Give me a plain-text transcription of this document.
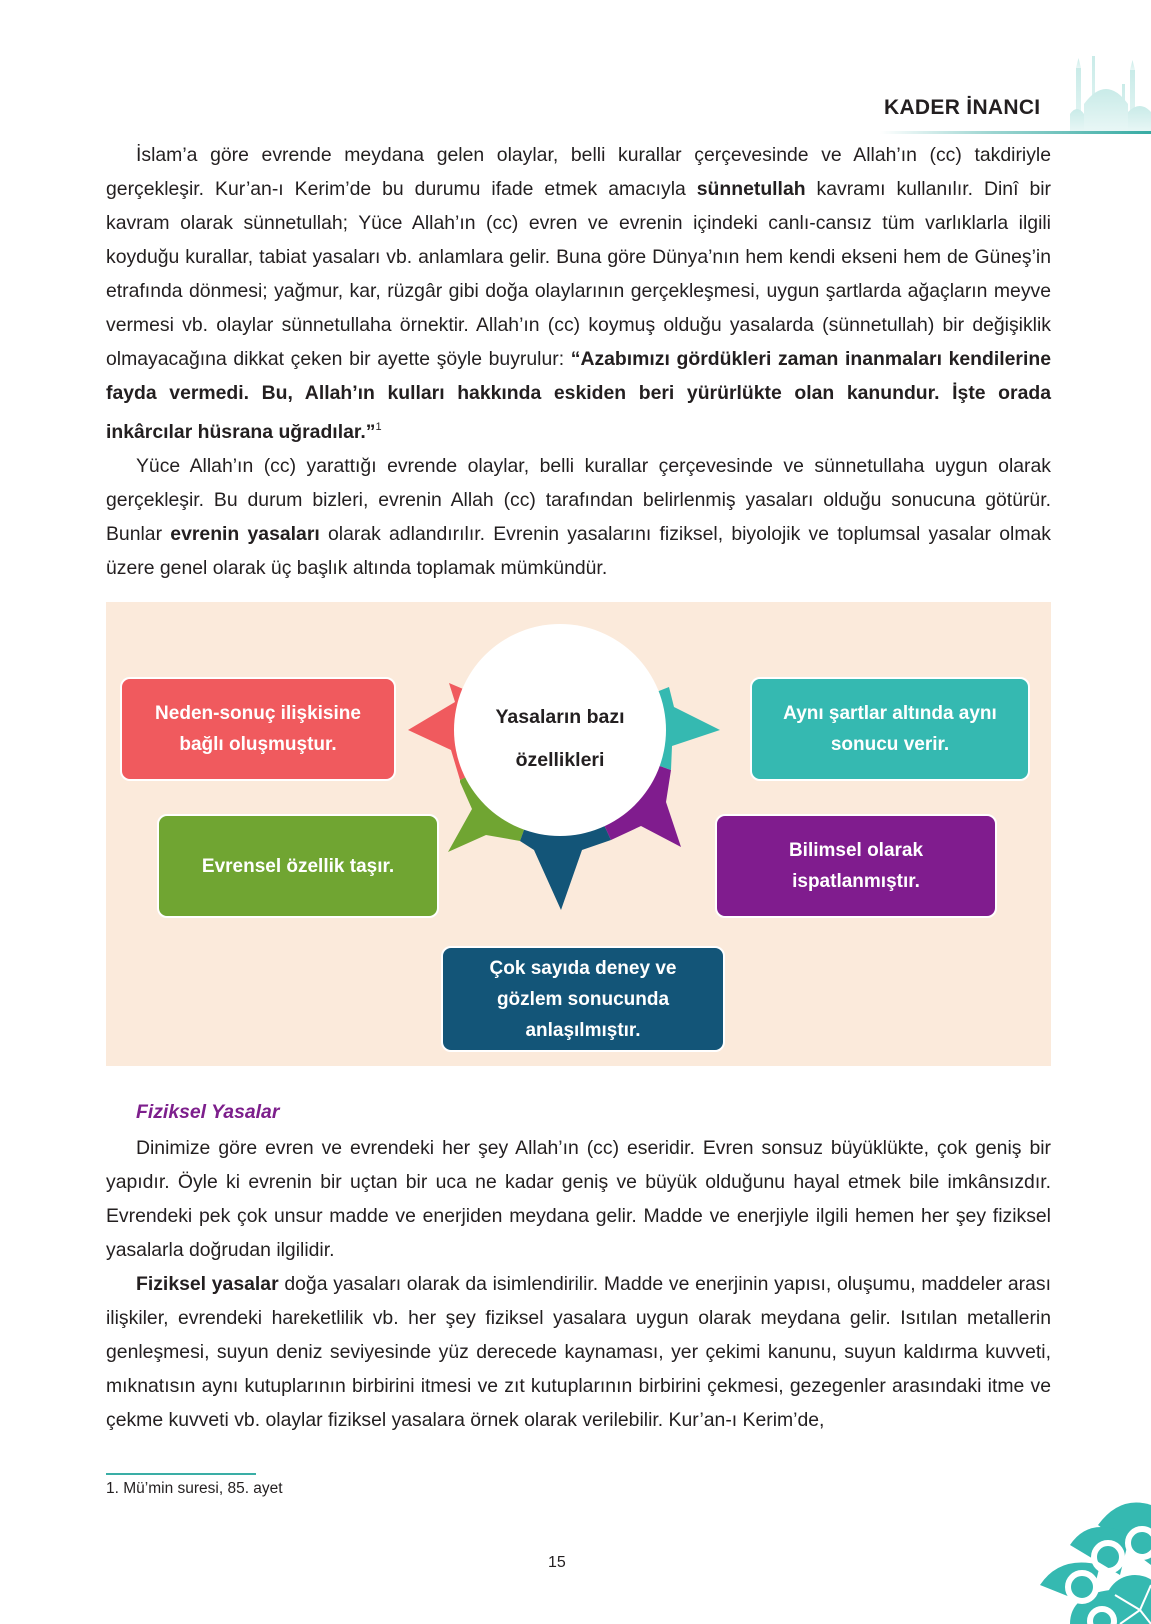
KADER İNANCI

İslam’a göre evrende meydana gelen olaylar, belli kurallar çerçevesinde ve Allah’ın (cc) takdiriyle gerçekleşir. Kur’an-ı Kerim’de bu durumu ifade etmek amacıyla sünnetullah kavramı kullanılır. Dinî bir kavram olarak sünnetullah; Yüce Allah’ın (cc) evren ve evrenin içindeki canlı-cansız tüm varlıklarla ilgili koyduğu kurallar, tabiat yasaları vb. anlamlara gelir. Buna göre Dünya’nın hem kendi ekseni hem de Güneş’in etrafında dönmesi; yağmur, kar, rüzgâr gibi doğa olaylarının gerçekleşmesi, uygun şartlarda ağaçların meyve vermesi vb. olaylar sünnetullaha örnektir. Allah’ın (cc) koymuş olduğu yasalarda (sünnetullah) bir değişiklik olmayacağına dikkat çeken bir ayette şöyle buyrulur: “Azabımızı gördükleri zaman inanmaları kendilerine fayda vermedi. Bu, Allah’ın kulları hakkında eskiden beri yürürlükte olan kanundur. İşte orada inkârcılar hüsrana uğradılar.”$^1$

Yüce Allah’ın (cc) yarattığı evrende olaylar, belli kurallar çerçevesinde ve sünnetullaha uygun olarak gerçekleşir. Bu durum bizleri, evrenin Allah (cc) tarafından belirlenmiş yasaları olduğu sonucuna götürür. Bunlar evrenin yasaları olarak adlandırılır. Evrenin yasalarını fiziksel, biyolojik ve toplumsal yasalar olmak üzere genel olarak üç başlık altında toplamak mümkündür.

Yasaların bazı
özellikleri
Neden-sonuç ilişkisine bağlı oluşmuştur.
Aynı şartlar altında aynı sonucu verir.
Evrensel özellik taşır.
Bilimsel olarak ispatlanmıştır.
Çok sayıda deney ve gözlem sonucunda anlaşılmıştır.
Fiziksel Yasalar

Dinimize göre evren ve evrendeki her şey Allah’ın (cc) eseridir. Evren sonsuz büyüklükte, çok geniş bir yapıdır. Öyle ki evrenin bir uçtan bir uca ne kadar geniş ve büyük olduğunu hayal etmek bile imkânsızdır. Evrendeki pek çok unsur madde ve enerjiden meydana gelir. Madde ve enerjiyle ilgili hemen her şey fiziksel yasalarla doğrudan ilgilidir.

Fiziksel yasalar doğa yasaları olarak da isimlendirilir. Madde ve enerjinin yapısı, oluşumu, maddeler arası ilişkiler, evrendeki hareketlilik vb. her şey fiziksel yasalara uygun olarak meydana gelir. Isıtılan metallerin genleşmesi, suyun deniz seviyesinde yüz derecede kaynaması, yer çekimi kanunu, suyun kaldırma kuvveti, mıknatısın aynı kutuplarının birbirini itmesi ve zıt kutuplarının birbirini çekmesi, gezegenler arasındaki itme ve çekme kuvveti vb. olaylar fiziksel yasalara örnek olarak verilebilir. Kur’an-ı Kerim’de,

1. Mü’min suresi, 85. ayet
15
